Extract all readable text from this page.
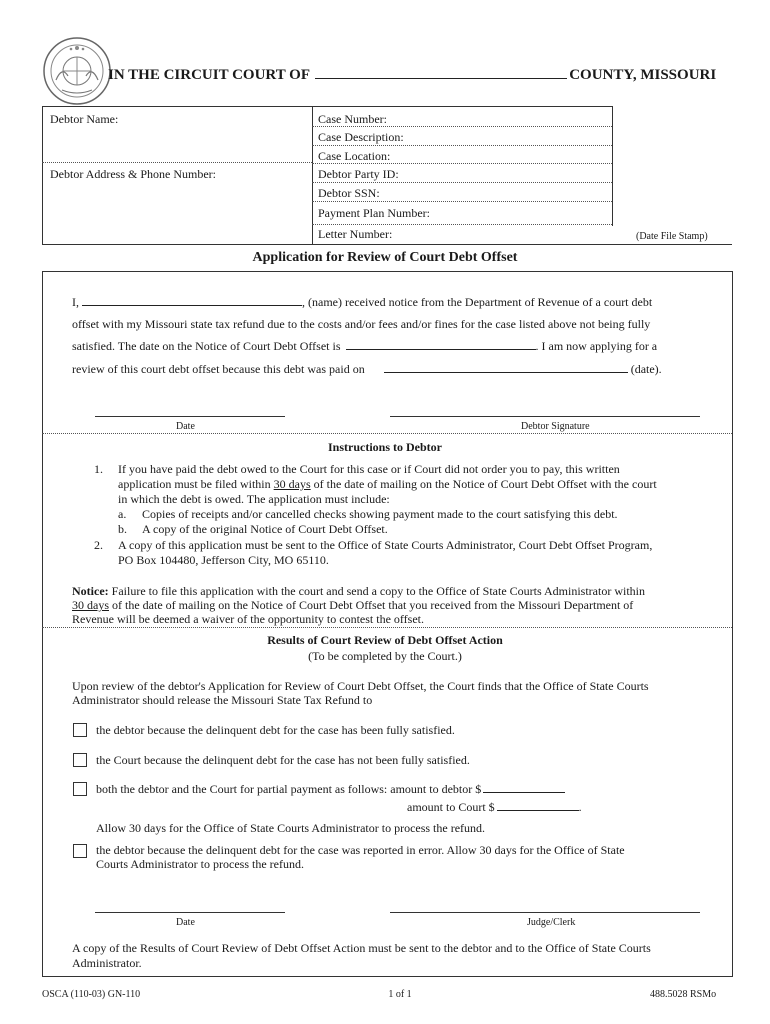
IN THE CIRCUIT COURT OF	COUNTY, MISSOURI
Debtor Name:
Debtor Address & Phone Number:
Case Number:
Case Description:
Case Location:
Debtor Party ID:
Debtor SSN:
Payment Plan Number:
Letter Number:	(Date File Stamp)
Application for Review of Court Debt Offset
I,	, (name) received notice from the Department of Revenue of a court debt
offset with my Missouri state tax refund due to the costs and/or fees and/or fines for the case listed above not being fully
satisfied. The date on the Notice of Court Debt Offset is	. I am now applying for a
review of this court debt offset because this debt was paid on	(date).
Date	Debtor Signature
Instructions to Debtor
1. If you have paid the debt owed to the Court for this case or if Court did not order you to pay, this written
application must be filed within 30 days of the date of mailing on the Notice of Court Debt Offset with the court
in which the debt is owed. The application must include:
a. Copies of receipts and/or cancelled checks showing payment made to the court satisfying this debt.
b. A copy of the original Notice of Court Debt Offset.
2. A copy of this application must be sent to the Office of State Courts Administrator, Court Debt Offset Program,
PO Box 104480, Jefferson City, MO 65110.
Notice: Failure to file this application with the court and send a copy to the Office of State Courts Administrator within
30 days of the date of mailing on the Notice of Court Debt Offset that you received from the Missouri Department of
Revenue will be deemed a waiver of the opportunity to contest the offset.
Results of Court Review of Debt Offset Action
(To be completed by the Court.)
Upon review of the debtor's Application for Review of Court Debt Offset, the Court finds that the Office of State Courts
Administrator should release the Missouri State Tax Refund to
the debtor because the delinquent debt for the case has been fully satisfied.
the Court because the delinquent debt for the case has not been fully satisfied.
both the debtor and the Court for partial payment as follows: amount to debtor $
amount to Court $	.
Allow 30 days for the Office of State Courts Administrator to process the refund.
the debtor because the delinquent debt for the case was reported in error. Allow 30 days for the Office of State
Courts Administrator to process the refund.
Date	Judge/Clerk
A copy of the Results of Court Review of Debt Offset Action must be sent to the debtor and to the Office of State Courts
Administrator.
OSCA (110-03) GN-110	1 of 1	488.5028 RSMo
